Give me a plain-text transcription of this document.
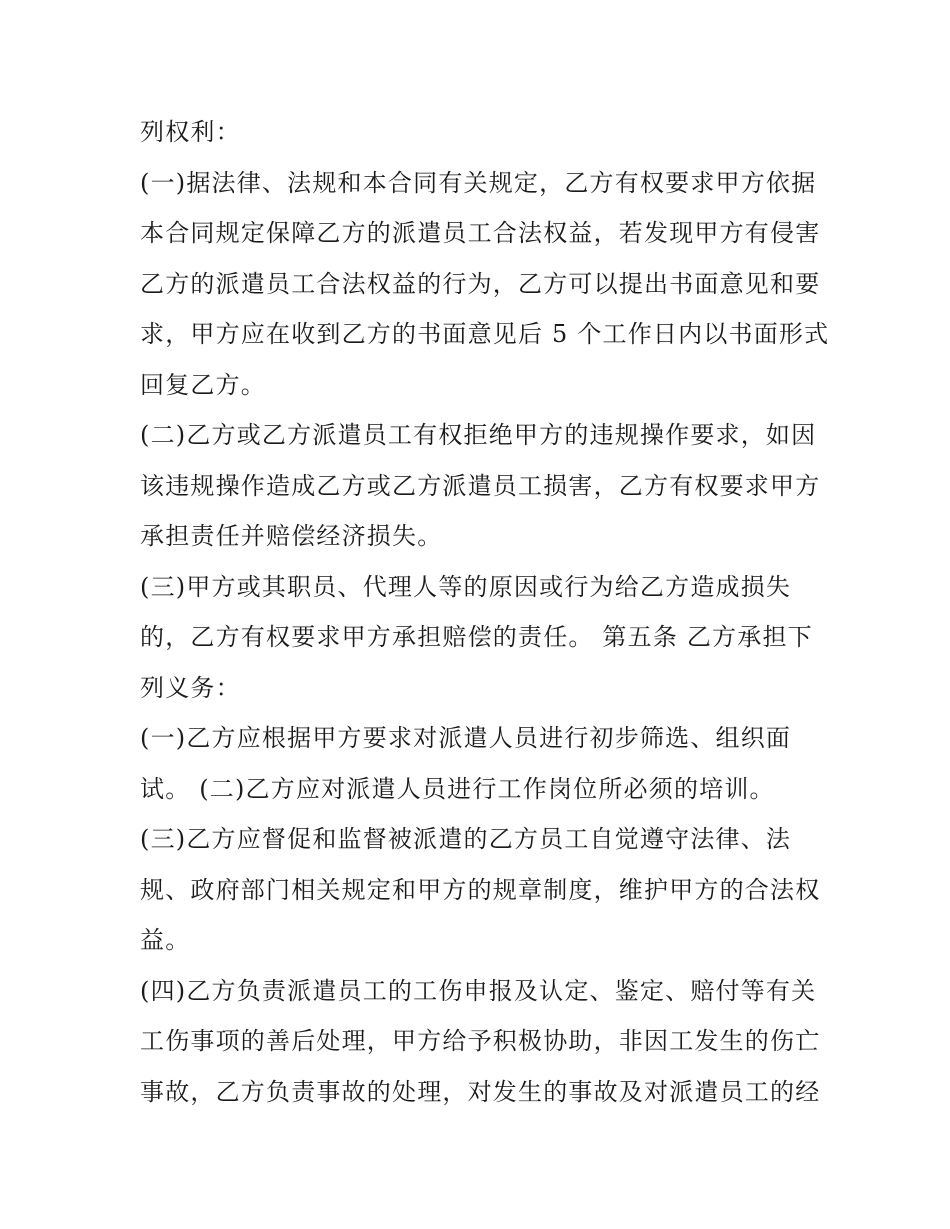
列权利：
(一)据法律、法规和本合同有关规定，乙方有权要求甲方依据
本合同规定保障乙方的派遣员工合法权益，若发现甲方有侵害
乙方的派遣员工合法权益的行为，乙方可以提出书面意见和要
求，甲方应在收到乙方的书面意见后 5 个工作日内以书面形式
回复乙方。
(二)乙方或乙方派遣员工有权拒绝甲方的违规操作要求，如因
该违规操作造成乙方或乙方派遣员工损害，乙方有权要求甲方
承担责任并赔偿经济损失。
(三)甲方或其职员、代理人等的原因或行为给乙方造成损失
的，乙方有权要求甲方承担赔偿的责任。 第五条 乙方承担下
列义务：
(一)乙方应根据甲方要求对派遣人员进行初步筛选、组织面
试。 (二)乙方应对派遣人员进行工作岗位所必须的培训。
(三)乙方应督促和监督被派遣的乙方员工自觉遵守法律、法
规、政府部门相关规定和甲方的规章制度，维护甲方的合法权
益。
(四)乙方负责派遣员工的工伤申报及认定、鉴定、赔付等有关
工伤事项的善后处理，甲方给予积极协助，非因工发生的伤亡
事故，乙方负责事故的处理，对发生的事故及对派遣员工的经
